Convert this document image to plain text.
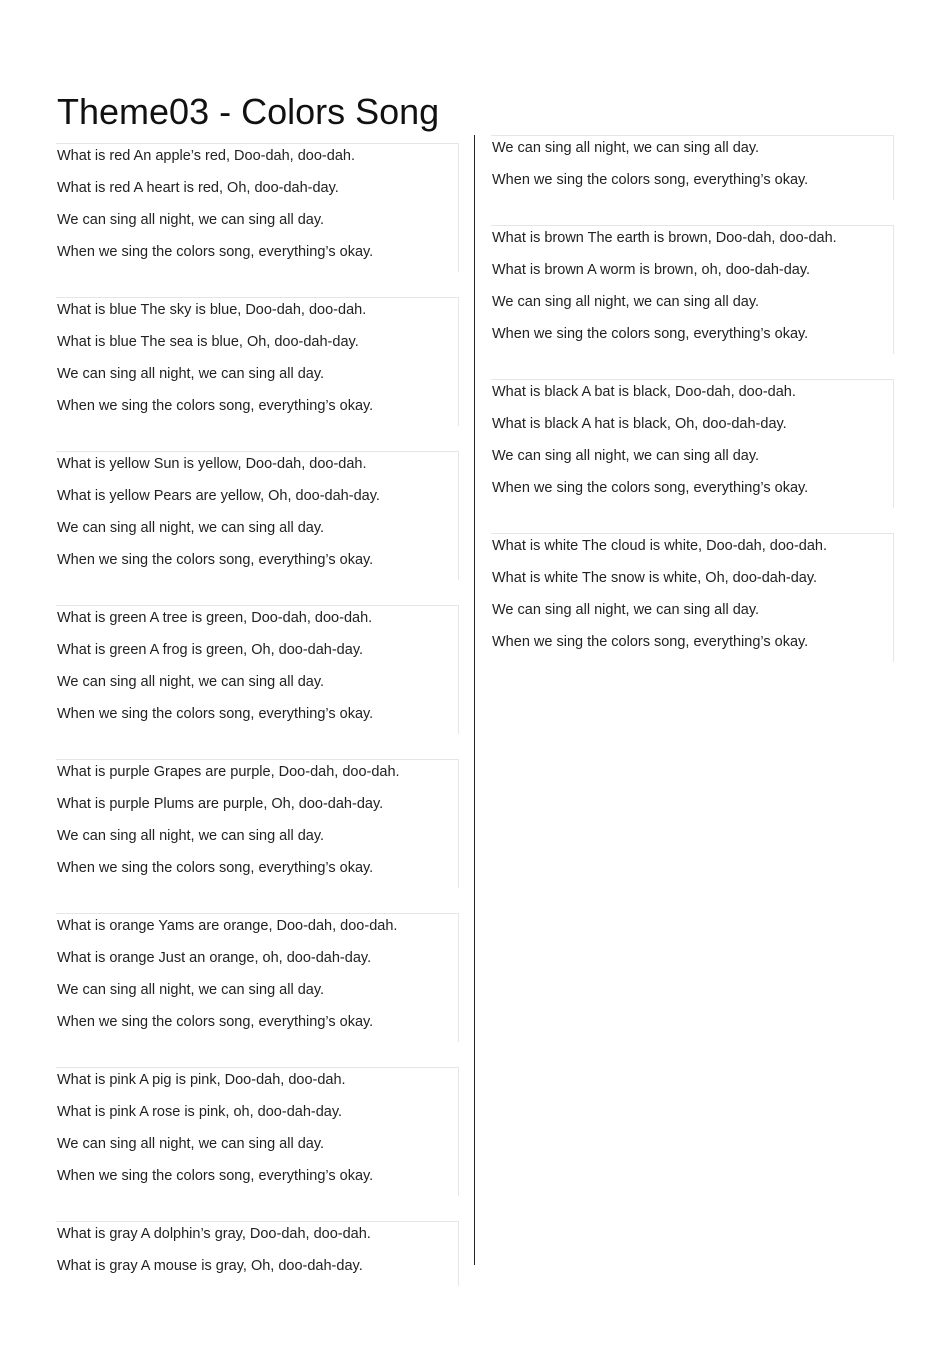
Theme03 - Colors Song
What is red An apple’s red, Doo-dah, doo-dah.
What is red A heart is red, Oh, doo-dah-day.
We can sing all night, we can sing all day.
When we sing the colors song, everything’s okay.
What is blue The sky is blue, Doo-dah, doo-dah.
What is blue The sea is blue, Oh, doo-dah-day.
We can sing all night, we can sing all day.
When we sing the colors song, everything’s okay.
What is yellow Sun is yellow, Doo-dah, doo-dah.
What is yellow Pears are yellow, Oh, doo-dah-day.
We can sing all night, we can sing all day.
When we sing the colors song, everything’s okay.
What is green A tree is green, Doo-dah, doo-dah.
What is green A frog is green, Oh, doo-dah-day.
We can sing all night, we can sing all day.
When we sing the colors song, everything’s okay.
What is purple Grapes are purple, Doo-dah, doo-dah.
What is purple Plums are purple, Oh, doo-dah-day.
We can sing all night, we can sing all day.
When we sing the colors song, everything’s okay.
What is orange Yams are orange, Doo-dah, doo-dah.
What is orange Just an orange, oh, doo-dah-day.
We can sing all night, we can sing all day.
When we sing the colors song, everything’s okay.
What is pink A pig is pink, Doo-dah, doo-dah.
What is pink A rose is pink, oh, doo-dah-day.
We can sing all night, we can sing all day.
When we sing the colors song, everything’s okay.
What is gray A dolphin’s gray, Doo-dah, doo-dah.
What is gray A mouse is gray, Oh, doo-dah-day.
We can sing all night, we can sing all day.
When we sing the colors song, everything’s okay.
What is brown The earth is brown, Doo-dah, doo-dah.
What is brown A worm is brown, oh, doo-dah-day.
We can sing all night, we can sing all day.
When we sing the colors song, everything’s okay.
What is black A bat is black, Doo-dah, doo-dah.
What is black A hat is black, Oh, doo-dah-day.
We can sing all night, we can sing all day.
When we sing the colors song, everything’s okay.
What is white The cloud is white, Doo-dah, doo-dah.
What is white The snow is white, Oh, doo-dah-day.
We can sing all night, we can sing all day.
When we sing the colors song, everything’s okay.
